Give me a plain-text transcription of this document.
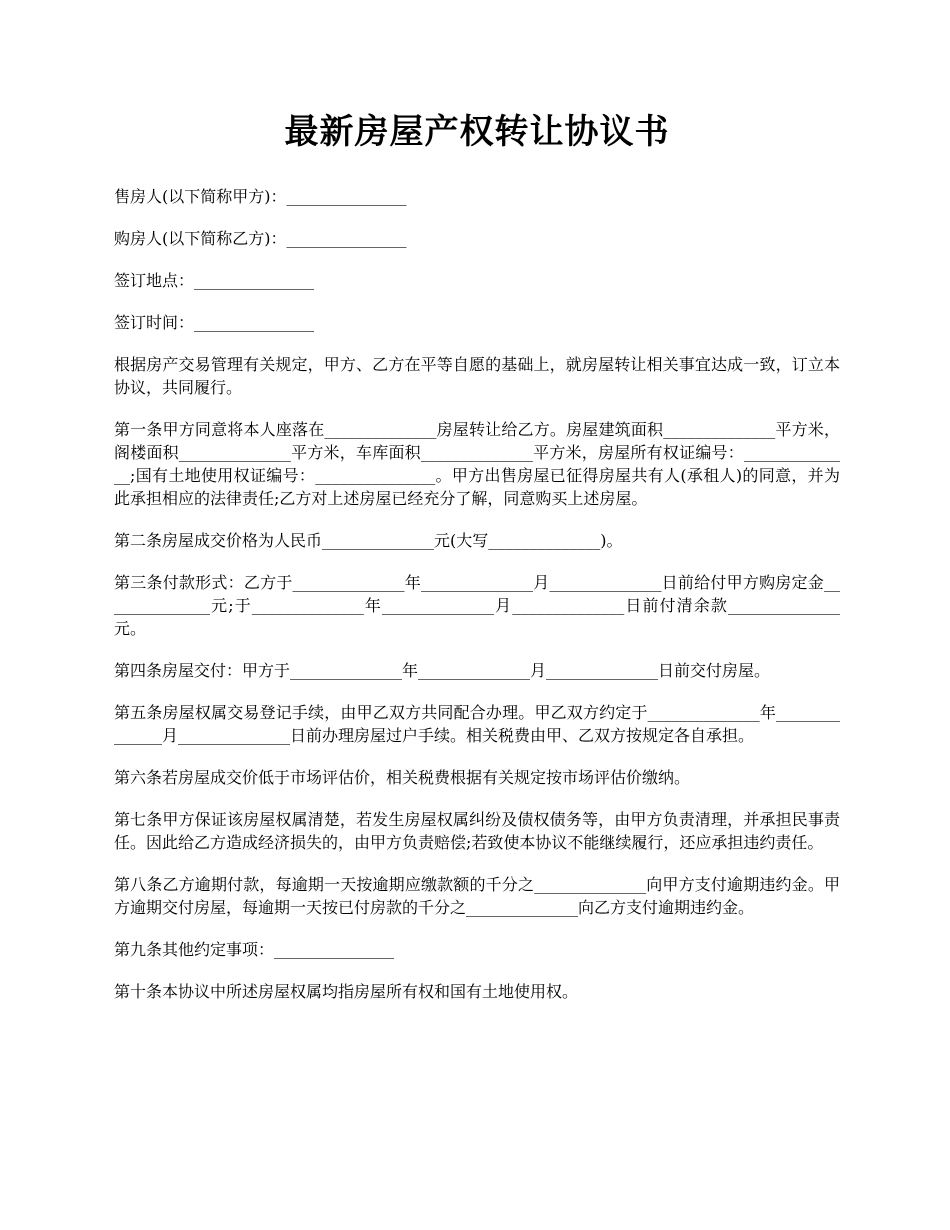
最新房屋产权转让协议书

售房人(以下简称甲方)：_______________

购房人(以下简称乙方)：_______________

签订地点：_______________

签订时间：_______________

根据房产交易管理有关规定，甲方、乙方在平等自愿的基础上，就房屋转让相关事宜达成一致，订立本协议，共同履行。

第一条甲方同意将本人座落在______________房屋转让给乙方。房屋建筑面积______________平方米，阁楼面积______________平方米，车库面积______________平方米，房屋所有权证编号：______________;国有土地使用权证编号：_______________。甲方出售房屋已征得房屋共有人(承租人)的同意，并为此承担相应的法律责任;乙方对上述房屋已经充分了解，同意购买上述房屋。

第二条房屋成交价格为人民币______________元(大写______________)。

第三条付款形式：乙方于______________年______________月______________日前给付甲方购房定金______________元;于______________年______________月______________日前付清余款______________元。

第四条房屋交付：甲方于______________年______________月______________日前交付房屋。

第五条房屋权属交易登记手续，由甲乙双方共同配合办理。甲乙双方约定于______________年______________月______________日前办理房屋过户手续。相关税费由甲、乙双方按规定各自承担。

第六条若房屋成交价低于市场评估价，相关税费根据有关规定按市场评估价缴纳。

第七条甲方保证该房屋权属清楚，若发生房屋权属纠纷及债权债务等，由甲方负责清理，并承担民事责任。因此给乙方造成经济损失的，由甲方负责赔偿;若致使本协议不能继续履行，还应承担违约责任。

第八条乙方逾期付款，每逾期一天按逾期应缴款额的千分之______________向甲方支付逾期违约金。甲方逾期交付房屋，每逾期一天按已付房款的千分之______________向乙方支付逾期违约金。

第九条其他约定事项：_______________

第十条本协议中所述房屋权属均指房屋所有权和国有土地使用权。
